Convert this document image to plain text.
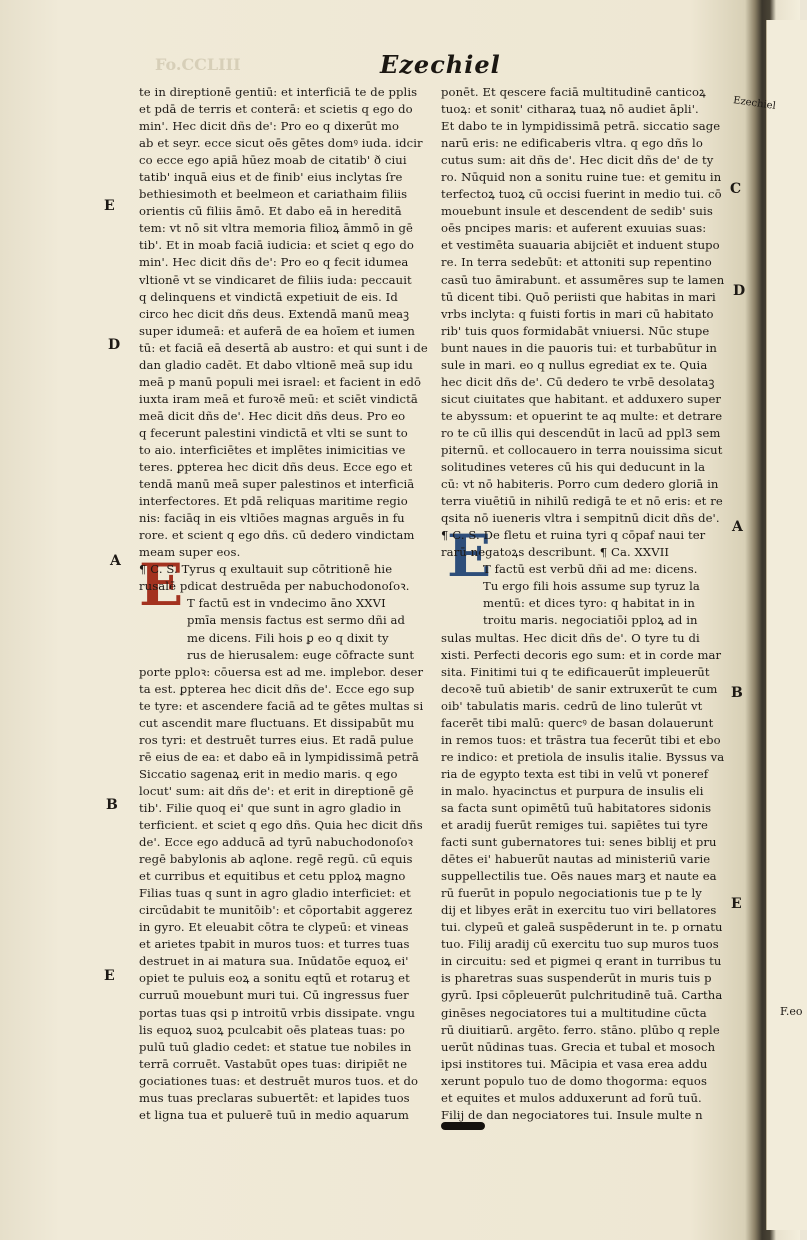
Fo.CCLIII	Ezechiel
Ezechiel
F.eo
E	E
E
D
A
B
E
C
D
A
B
E
te in direptionē gentiū: et interficiā te de pplis
et pdā de terris et conterā: et scietis q ego do
min'. Hec dicit dñs de': Pro eo q dixerūt mo
ab et seyr. ecce sicut oēs gētes domꝰ iuda. idcir
co ecce ego apiā hūez moab de citatib' ð ciui
tatib' inquā eius et de finib' eius inclytas ſre
bethiesimoth et beelmeon et cariathaim filiis
orientis cū filiis āmō. Et dabo eā in hereditā
tem: vt nō sit vltra memoria filioꝝ āmmō in gē
tib'. Et in moab faciā iudicia: et sciet q ego do
min'. Hec dicit dñs de': Pro eo q fecit idumea
vltionē vt se vindicaret de filiis iuda: peccauit
q delinquens et vindictā expetiuit de eis. Id
circo hec dicit dñs deus. Extendā manū meaꝫ
super idumeā: et auferā de ea hoīem et iumen
tū: et faciā eā desertā ab austro: et qui sunt i de
dan gladio cadēt. Et dabo vltionē meā sup idu
meā p manū populi mei israel: et facient in edō
iuxta iram meā et furoꝛē meū: et sciēt vindictā
meā dicit dñs de'. Hec dicit dñs deus. Pro eo
q fecerunt palestini vindictā et vlti se sunt to
to aio. interficiētes et implētes inimicitias ve
teres. ꝑpterea hec dicit dñs deus. Ecce ego et
tendā manū meā super palestinos et interficiā
interfectores. Et pdā reliquas maritime regio
nis: faciāq in eis vltiōes magnas arguēs in fu
rore. et scient q ego dñs. cū dedero vindictam
meam super eos.
¶ C. S. Tyrus q exultauit sup cōtritionē hie
rusalē pdicat destruēda per nabuchodonoſoꝛ.
T factū est in vndecimo āno XXVI
pmīa mensis factus est sermo dñi ad
me dicens. Fili hois ꝑ eo q dixit ty
rus de hierusalem: euge cōfracte sunt
porte pploꝛ: cōuersa est ad me. implebor. deser
ta est. ꝑpterea hec dicit dñs de'. Ecce ego sup
te tyre: et ascendere faciā ad te gētes multas si
cut ascendit mare fluctuans. Et dissipabūt mu
ros tyri: et destruēt turres eius. Et radā pulue
rē eius de ea: et dabo eā in lympidissimā petrā
Siccatio sagenaꝝ erit in medio maris. q ego
locut' sum: ait dñs de': et erit in direptionē gē
tib'. Filie quoq ei' que sunt in agro gladio in
terficient. et sciet q ego dñs. Quia hec dicit dñs
de'. Ecce ego adducā ad tyrū nabuchodonoſoꝛ
regē babylonis ab aqlone. regē regū. cū equis
et curribus et equitibus et cetu pploꝝ magno
Filias tuas q sunt in agro gladio interficiet: et
circūdabit te munitōib': et cōportabit aggerez
in gyro. Et eleuabit cōtra te clypeū: et vineas
et arietes tpabit in muros tuos: et turres tuas
destruet in ai matura sua. Inūdatōe equoꝝ ei'
opiet te puluis eoꝝ a sonitu eqtū et rotaruꝫ et
curruū mouebunt muri tui. Cū ingressus fuer
portas tuas qsi p introitū vrbis dissipate. vngu
lis equoꝝ suoꝝ pculcabit oēs plateas tuas: po
pulū tuū gladio cedet: et statue tue nobiles in
terrā corruēt. Vastabūt opes tuas: diripiēt ne
gociationes tuas: et destruēt muros tuos. et do
mus tuas preclaras subuertēt: et lapides tuos
et ligna tua et puluerē tuū in medio aquarum
ponēt. Et qescere faciā multitudinē canticoꝝ
tuoꝝ: et sonit' citharaꝝ tuaꝝ nō audiet āpli'.
Et dabo te in lympidissimā petrā. siccatio sage
narū eris: ne edificaberis vltra. q ego dñs lo
cutus sum: ait dñs de'. Hec dicit dñs de' de ty
ro. Nūquid non a sonitu ruine tue: et gemitu in
terfectoꝝ tuoꝝ cū occisi fuerint in medio tui. cō
mouebunt insule et descendent de sedib' suis
oēs pncipes maris: et auferent exuuias suas:
et vestimēta suauaria abijciēt et induent stupo
re. In terra sedebūt: et attoniti sup repentino
casū tuo āmirabunt. et assumēres sup te lamen
tū dicent tibi. Quō periisti que habitas in mari
vrbs inclyta: q fuisti fortis in mari cū habitato
rib' tuis quos formidabāt vniuersi. Nūc stupe
bunt naues in die pauoris tui: et turbabūtur in
sule in mari. eo q nullus egrediat ex te. Quia
hec dicit dñs de'. Cū dedero te vrbē desolataꝫ
sicut ciuitates que habitant. et adduxero super
te abyssum: et opuerint te aq multe: et detrare
ro te cū illis qui descendūt in lacū ad ppl3 sem
piternū. et collocauero in terra nouissima sicut
solitudines veteres cū his qui deducunt in la
cū: vt nō habiteris. Porro cum dedero gloriā in
terra viuētiū in nihilū redigā te et nō eris: et re
qsita nō iueneris vltra i sempitnū dicit dñs de'.
¶ C. S. De fletu et ruina tyri q cōpaf naui ter
rarū negatoꝝs describunt. ¶ Ca. XXVII
T factū est verbū dñi ad me: dicens.
Tu ergo fili hois assume sup tyruz la
mentū: et dices tyro: q habitat in in
troitu maris. negociatiōi pploꝝ ad in
sulas multas. Hec dicit dñs de'. O tyre tu di
xisti. Perfecti decoris ego sum: et in corde mar
sita. Finitimi tui q te edificauerūt impleuerūt
decoꝛē tuū abietib' de sanir extruxerūt te cum
oib' tabulatis maris. cedrū de lino tulerūt vt
facerēt tibi malū: quercꝰ de basan dolauerunt
in remos tuos: et trāstra tua fecerūt tibi et ebo
re indico: et pretiola de insulis italie. Byssus va
ria de egypto texta est tibi in velū vt poneref
in malo. hyacinctus et purpura de insulis eli
sa facta sunt opimētū tuū habitatores sidonis
et aradij fuerūt remiges tui. sapiētes tui tyre
facti sunt gubernatores tui: senes biblij et pru
dētes ei' habuerūt nautas ad ministeriū varie
suppellectilis tue. Oēs naues marꝫ et naute ea
rū fuerūt in populo negociationis tue p te ly
dij et libyes erāt in exercitu tuo viri bellatores
tui. clypeū et galeā suspēderunt in te. p ornatu
tuo. Filij aradij cū exercitu tuo sup muros tuos
in circuitu: sed et pigmei q erant in turribus tu
is pharetras suas suspenderūt in muris tuis p
gyrū. Ipsi cōpleuerūt pulchritudinē tuā. Cartha
ginēses negociatores tui a multitudine cūcta
rū diuitiarū. argēto. ferro. stāno. plūbo q reple
uerūt nūdinas tuas. Grecia et tubal et mosoch
ipsi institores tui. Mācipia et vasa erea addu
xerunt populo tuo de domo thogorma: equos
et equites et mulos adduxerunt ad forū tuū.
Filij de dan negociatores tui. Insule multe n
